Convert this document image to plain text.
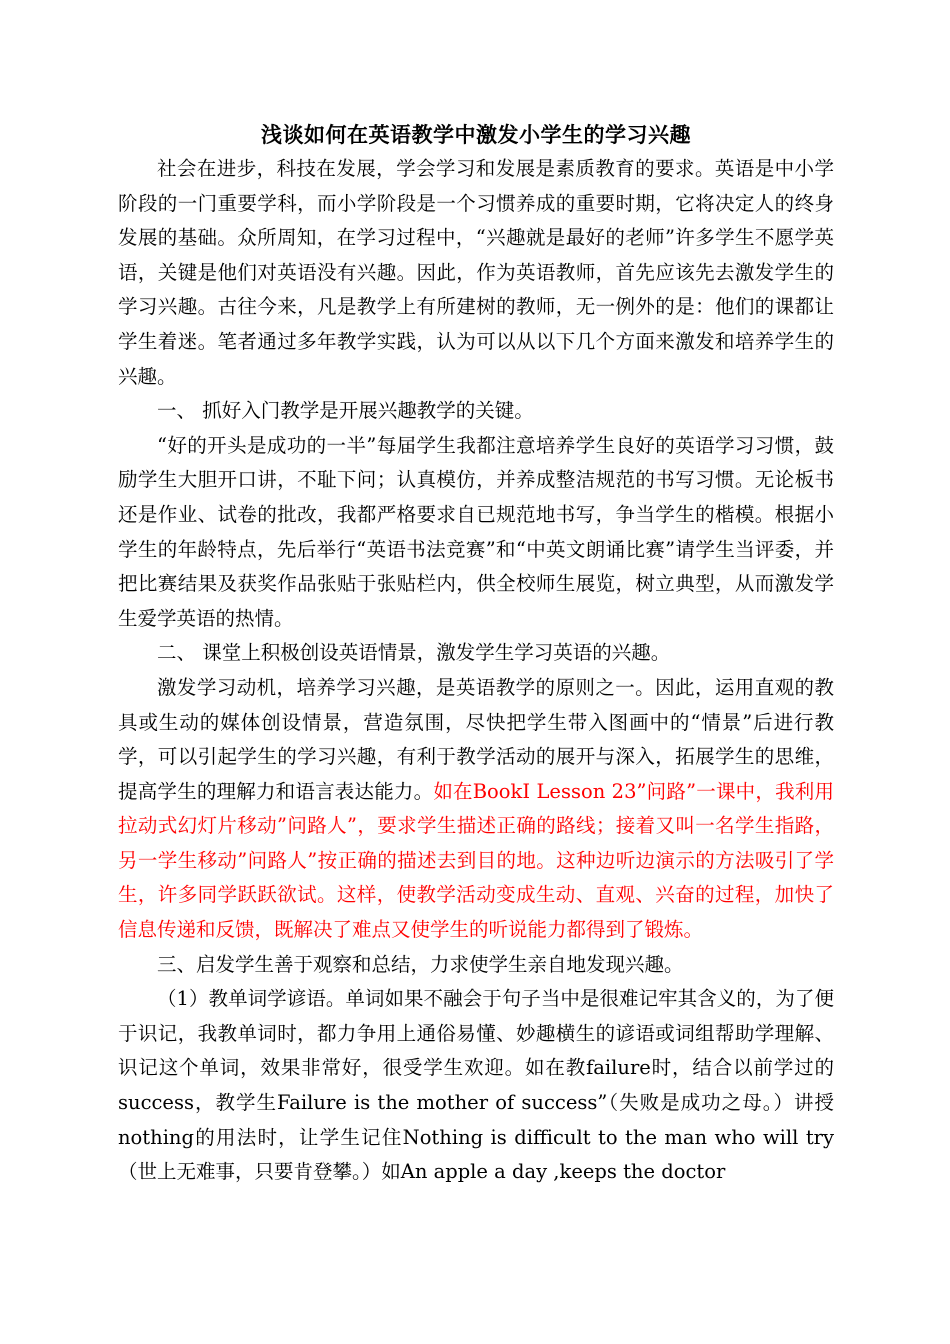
浅谈如何在英语教学中激发小学生的学习兴趣

社会在进步，科技在发展，学会学习和发展是素质教育的要求。英语是中小学阶段的一门重要学科，而小学阶段是一个习惯养成的重要时期，它将决定人的终身发展的基础。众所周知，在学习过程中，“兴趣就是最好的老师”许多学生不愿学英语，关键是他们对英语没有兴趣。因此，作为英语教师，首先应该先去激发学生的学习兴趣。古往今来，凡是教学上有所建树的教师，无一例外的是：他们的课都让学生着迷。笔者通过多年教学实践，认为可以从以下几个方面来激发和培养学生的兴趣。

一、 抓好入门教学是开展兴趣教学的关键。

“好的开头是成功的一半”每届学生我都注意培养学生良好的英语学习习惯，鼓励学生大胆开口讲，不耻下问；认真模仿，并养成整洁规范的书写习惯。无论板书还是作业、试卷的批改，我都严格要求自已规范地书写，争当学生的楷模。根据小学生的年龄特点，先后举行“英语书法竞赛”和“中英文朗诵比赛”请学生当评委，并把比赛结果及获奖作品张贴于张贴栏内，供全校师生展览，树立典型，从而激发学生爱学英语的热情。

二、 课堂上积极创设英语情景，激发学生学习英语的兴趣。

激发学习动机，培养学习兴趣，是英语教学的原则之一。因此，运用直观的教具或生动的媒体创设情景，营造氛围，尽快把学生带入图画中的“情景”后进行教学，可以引起学生的学习兴趣，有利于教学活动的展开与深入，拓展学生的思维，提高学生的理解力和语言表达能力。如在BookI Lesson 23”问路”一课中，我利用拉动式幻灯片移动”问路人”，要求学生描述正确的路线；接着又叫一名学生指路，另一学生移动”问路人”按正确的描述去到目的地。这种边听边演示的方法吸引了学生，许多同学跃跃欲试。这样，使教学活动变成生动、直观、兴奋的过程，加快了信息传递和反馈，既解决了难点又使学生的听说能力都得到了锻炼。

三、启发学生善于观察和总结，力求使学生亲自地发现兴趣。

（1）教单词学谚语。单词如果不融会于句子当中是很难记牢其含义的，为了便于识记，我教单词时，都力争用上通俗易懂、妙趣横生的谚语或词组帮助学理解、识记这个单词，效果非常好，很受学生欢迎。如在教failure时，结合以前学过的success，教学生Failure is the mother of success”（失败是成功之母。）讲授nothing的用法时，让学生记住Nothing is difficult to the man who will try（世上无难事，只要肯登攀。）如An apple a day ,keeps the doctor
